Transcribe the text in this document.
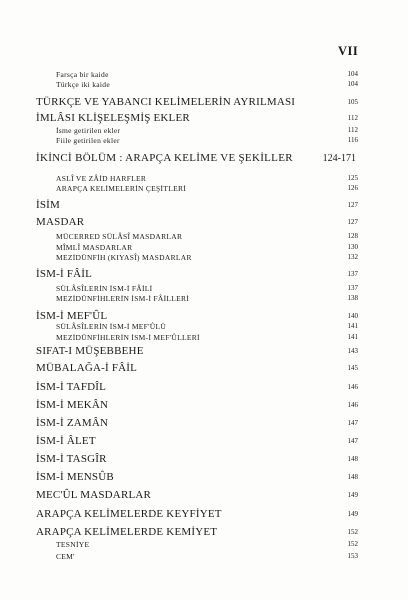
VII
Farsça bir kaide	104
Türkçe iki kaide	104
TÜRKÇE VE YABANCI KELİMELERİN AYRILMASI	105
İMLÂSI KLİŞELEŞMİŞ EKLER	112
İsme getirilen ekler	112
Fiile getirilen ekler	116
İKİNCİ BÖLÜM : ARAPÇA KELİME VE ŞEKİLLER	124-171
ASLÎ VE ZÂİD HARFLER	125
ARAPÇA KELİMELERİN ÇEŞİTLERİ	126
İSİM	127
MASDAR	127
MÜCERRED SÜLÂSÎ MASDARLAR	128
MÎMLÎ MASDARLAR	130
MEZİDÜNFİH (KIYASÎ) MASDARLAR	132
İSM-İ FÂİL	137
SÜLÂSÎLERİN İSM-İ FÂİLİ	137
MEZİDÜNFİHLERİN İSM-İ FÂİLLERİ	138
İSM-İ MEF'ÛL	140
SÜLÂSÎLERİN İSM-İ MEF'ÛLÜ	141
MEZİDÜNFİHLERİN İSM-İ MEF'ÛLLERİ	141
SIFAT-I MÜŞEBBEHE	143
MÜBALAĞA-İ FÂİL	145
İSM-İ TAFDÎL	146
İSM-İ MEKÂN	146
İSM-İ ZAMÂN	147
İSM-İ ÂLET	147
İSM-İ TASGÎR	148
İSM-İ MENSÛB	148
MEC'ÛL MASDARLAR	149
ARAPÇA KELİMELERDE KEYFİYET	149
ARAPÇA KELİMELERDE KEMİYET	152
TESNİYE	152
CEM'	153
